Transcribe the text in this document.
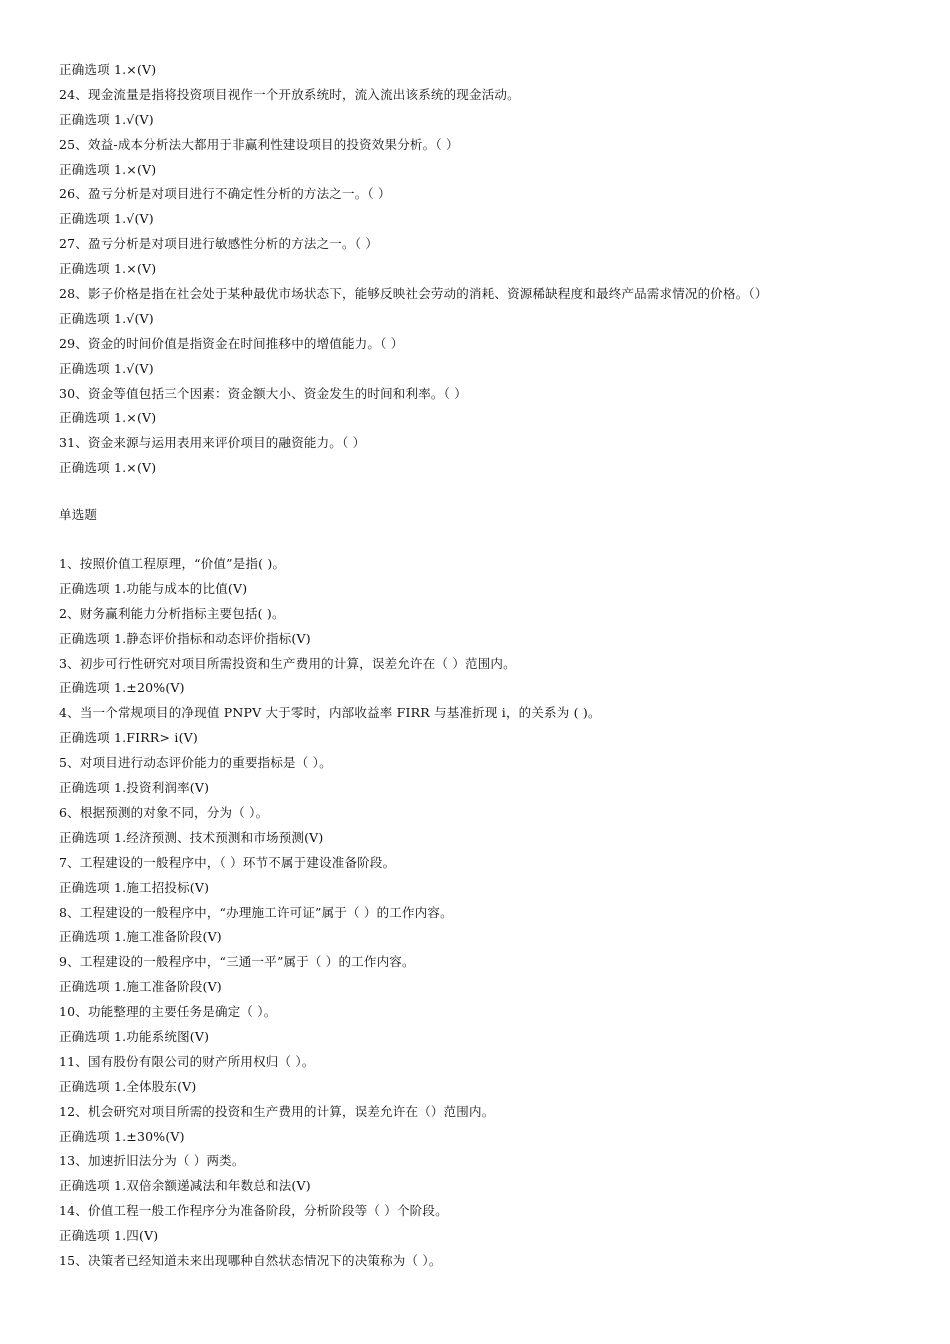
正确选项 1.×(V)
24、现金流量是指将投资项目视作一个开放系统时，流入流出该系统的现金活动。
正确选项 1.√(V)
25、效益-成本分析法大都用于非赢利性建设项目的投资效果分析。（ ）
正确选项 1.×(V)
26、盈亏分析是对项目进行不确定性分析的方法之一。（ ）
正确选项 1.√(V)
27、盈亏分析是对项目进行敏感性分析的方法之一。（ ）
正确选项 1.×(V)
28、影子价格是指在社会处于某种最优市场状态下，能够反映社会劳动的消耗、资源稀缺程度和最终产品需求情况的价格。（）
正确选项 1.√(V)
29、资金的时间价值是指资金在时间推移中的增值能力。（ ）
正确选项 1.√(V)
30、资金等值包括三个因素：资金额大小、资金发生的时间和利率。（ ）
正确选项 1.×(V)
31、资金来源与运用表用来评价项目的融资能力。（ ）
正确选项 1.×(V)
单选题
1、按照价值工程原理，“价值”是指( )。
正确选项 1.功能与成本的比值(V)
2、财务赢利能力分析指标主要包括( )。
正确选项 1.静态评价指标和动态评价指标(V)
3、初步可行性研究对项目所需投资和生产费用的计算，误差允许在（ ）范围内。
正确选项 1.±20%(V)
4、当一个常规项目的净现值 PNPV 大于零时，内部收益率 FIRR 与基准折现 i，的关系为 ( )。
正确选项 1.FIRR> i(V)
5、对项目进行动态评价能力的重要指标是（ ）。
正确选项 1.投资利润率(V)
6、根据预测的对象不同，分为（ ）。
正确选项 1.经济预测、技术预测和市场预测(V)
7、工程建设的一般程序中，（ ）环节不属于建设准备阶段。
正确选项 1.施工招投标(V)
8、工程建设的一般程序中，“办理施工许可证”属于（ ）的工作内容。
正确选项 1.施工准备阶段(V)
9、工程建设的一般程序中，“三通一平”属于（ ）的工作内容。
正确选项 1.施工准备阶段(V)
10、功能整理的主要任务是确定（ ）。
正确选项 1.功能系统图(V)
11、国有股份有限公司的财产所用权归（ ）。
正确选项 1.全体股东(V)
12、机会研究对项目所需的投资和生产费用的计算，误差允许在（）范围内。
正确选项 1.±30%(V)
13、加速折旧法分为（ ）两类。
正确选项 1.双倍余额递减法和年数总和法(V)
14、价值工程一般工作程序分为准备阶段，分析阶段等（ ）个阶段。
正确选项 1.四(V)
15、决策者已经知道未来出现哪种自然状态情况下的决策称为（ ）。
